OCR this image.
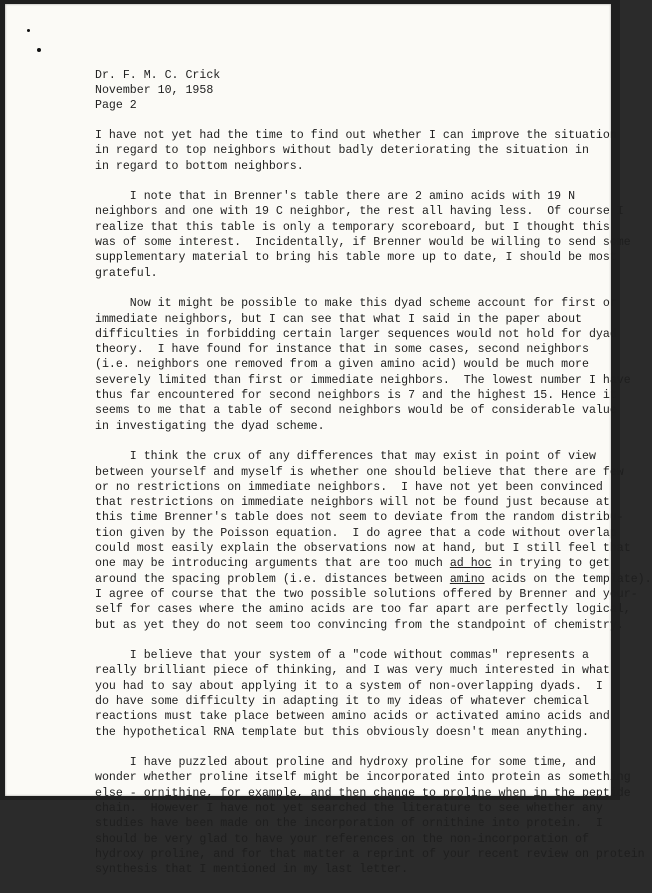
Dr. F. M. C. Crick
November 10, 1958
Page 2
I have not yet had the time to find out whether I can improve the situation
in regard to top neighbors without badly deteriorating the situation in
in regard to bottom neighbors.
I note that in Brenner's table there are 2 amino acids with 19 N
neighbors and one with 19 C neighbor, the rest all having less.  Of course I
realize that this table is only a temporary scoreboard, but I thought this
was of some interest.  Incidentally, if Brenner would be willing to send some
supplementary material to bring his table more up to date, I should be most
grateful.
Now it might be possible to make this dyad scheme account for first or
immediate neighbors, but I can see that what I said in the paper about
difficulties in forbidding certain larger sequences would not hold for dyad
theory.  I have found for instance that in some cases, second neighbors
(i.e. neighbors one removed from a given amino acid) would be much more
severely limited than first or immediate neighbors.  The lowest number I have
thus far encountered for second neighbors is 7 and the highest 15. Hence it
seems to me that a table of second neighbors would be of considerable value
in investigating the dyad scheme.
I think the crux of any differences that may exist in point of view
between yourself and myself is whether one should believe that there are few
or no restrictions on immediate neighbors.  I have not yet been convinced
that restrictions on immediate neighbors will not be found just because at
this time Brenner's table does not seem to deviate from the random distribu-
tion given by the Poisson equation.  I do agree that a code without overlap
could most easily explain the observations now at hand, but I still feel that
one may be introducing arguments that are too much ad hoc in trying to get
around the spacing problem (i.e. distances between amino acids on the template).
I agree of course that the two possible solutions offered by Brenner and your-
self for cases where the amino acids are too far apart are perfectly logical,
but as yet they do not seem too convincing from the standpoint of chemistry.
I believe that your system of a "code without commas" represents a
really brilliant piece of thinking, and I was very much interested in what
you had to say about applying it to a system of non-overlapping dyads.  I
do have some difficulty in adapting it to my ideas of whatever chemical
reactions must take place between amino acids or activated amino acids and
the hypothetical RNA template but this obviously doesn't mean anything.
I have puzzled about proline and hydroxy proline for some time, and
wonder whether proline itself might be incorporated into protein as something
else - ornithine, for example, and then change to proline when in the peptide
chain.  However I have not yet searched the literature to see whether any
studies have been made on the incorporation of ornithine into protein.  I
should be very glad to have your references on the non-incorporation of
hydroxy proline, and for that matter a reprint of your recent review on protein
synthesis that I mentioned in my last letter.
